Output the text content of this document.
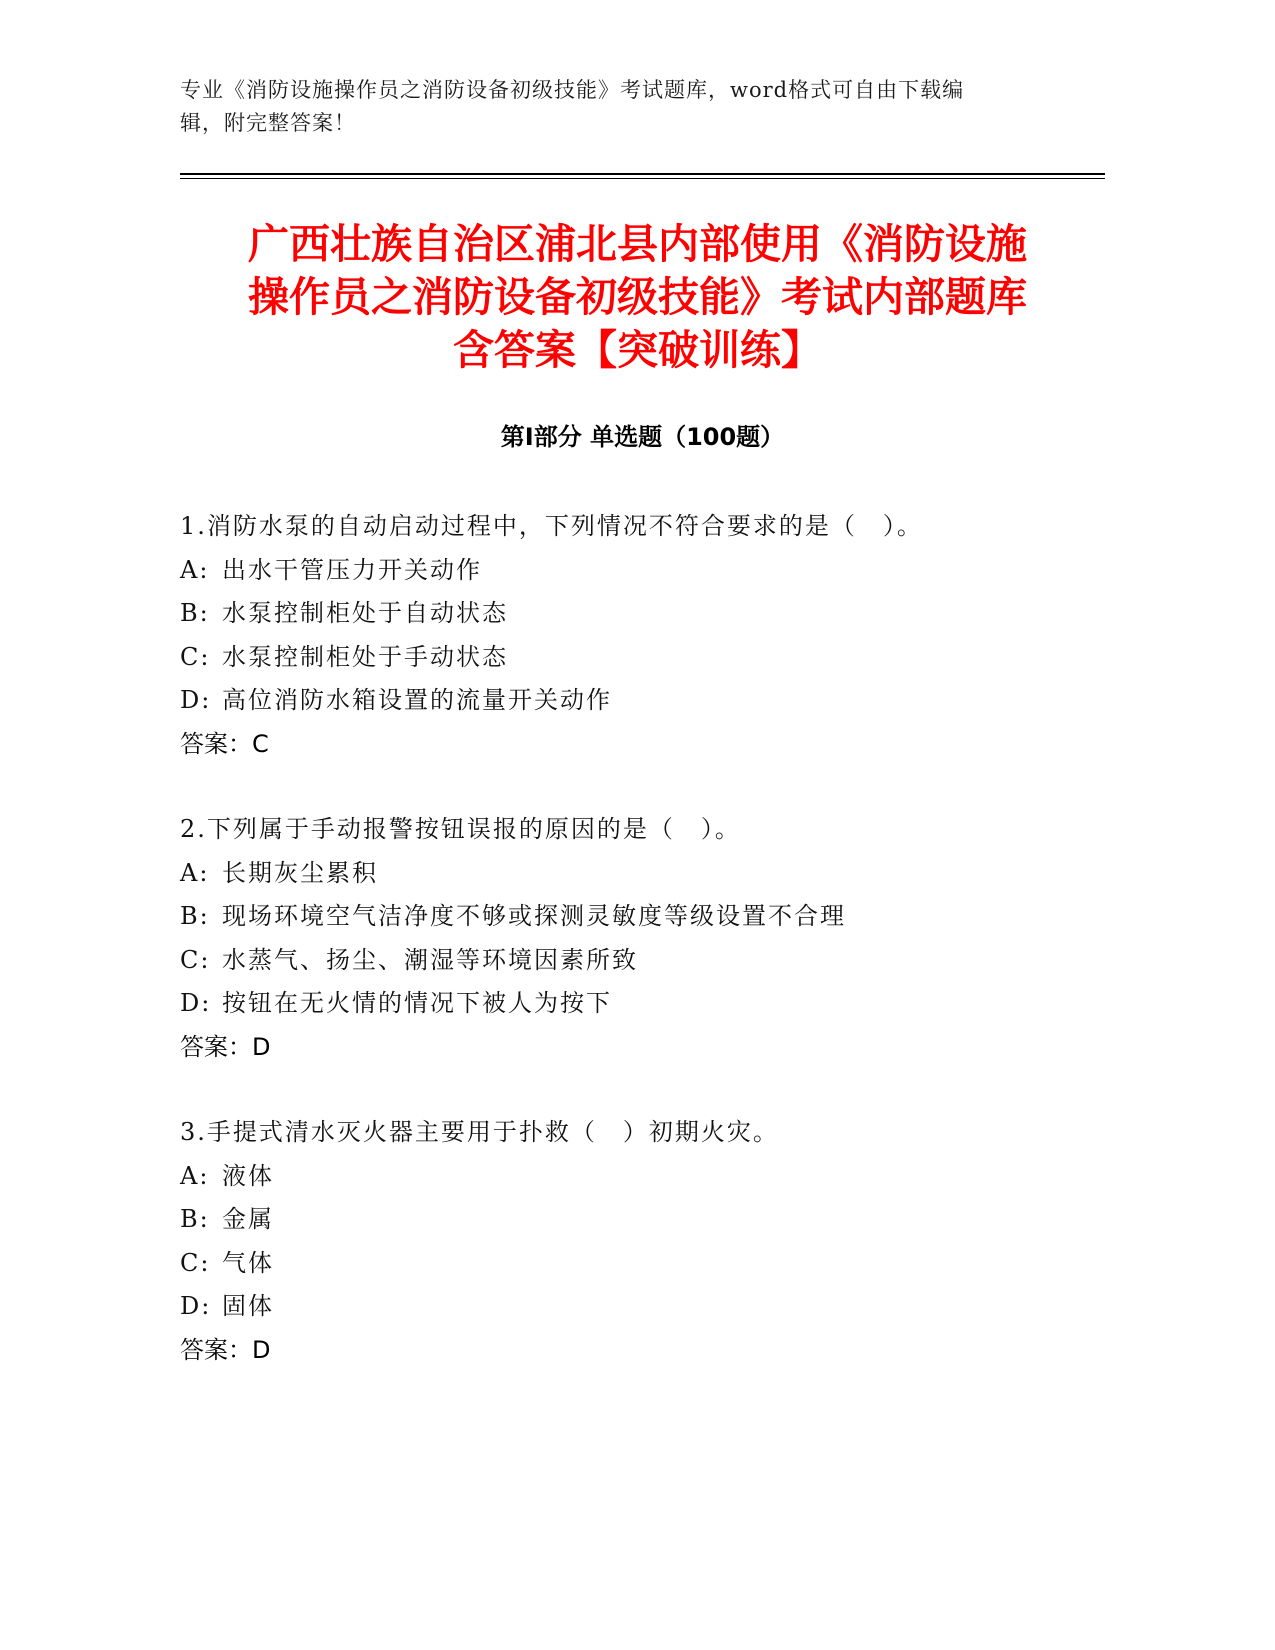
专业《消防设施操作员之消防设备初级技能》考试题库，word格式可自由下载编
辑，附完整答案！
广西壮族自治区浦北县内部使用《消防设施
操作员之消防设备初级技能》考试内部题库
含答案【突破训练】
第Ⅰ部分 单选题（100题）
1.消防水泵的自动启动过程中，下列情况不符合要求的是（　）。
A: 出水干管压力开关动作
B: 水泵控制柜处于自动状态
C: 水泵控制柜处于手动状态
D: 高位消防水箱设置的流量开关动作
答案：C
2.下列属于手动报警按钮误报的原因的是（　）。
A: 长期灰尘累积
B: 现场环境空气洁净度不够或探测灵敏度等级设置不合理
C: 水蒸气、扬尘、潮湿等环境因素所致
D: 按钮在无火情的情况下被人为按下
答案：D
3.手提式清水灭火器主要用于扑救（　）初期火灾。
A: 液体
B: 金属
C: 气体
D: 固体
答案：D
